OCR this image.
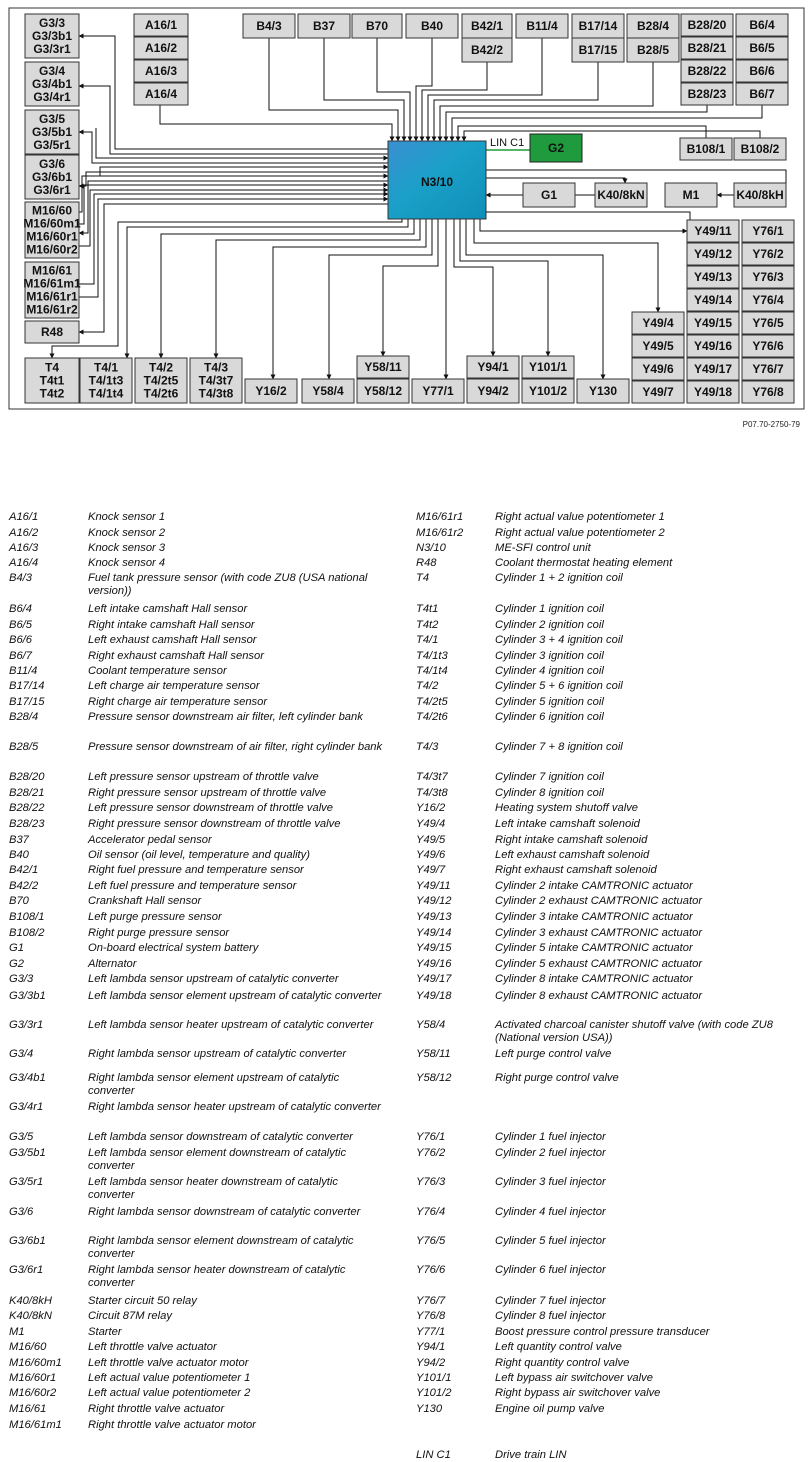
G3/3
G3/3b1
G3/3r1
G3/4
G3/4b1
G3/4r1
G3/5
G3/5b1
G3/5r1
G3/6
G3/6b1
G3/6r1
M16/60
M16/60m1
M16/60r1
M16/60r2
M16/61
M16/61m1
M16/61r1
M16/61r2
R48
A16/1
A16/2
A16/3
A16/4
B4/3	B37	B70	B40 B42/1
B42/2
B11/4 B17/14
B17/15
B28/4
B28/5
B28/20
B28/21
B28/22
B28/23
B6/4
B6/5
B6/6
B6/7
B108/1 B108/2
G2
G1	K40/8kN	M1	K40/8kH
Y49/11
Y49/12
Y49/13
Y49/14
Y49/15
Y49/16
Y49/17
Y49/18
Y76/1
Y76/2
Y76/3
Y76/4
Y76/5
Y76/6
Y76/7
Y76/8
Y49/4
Y49/5
Y49/6
Y49/7
T4
T4t1
T4t2
T4/1
T4/1t3
T4/1t4
T4/2
T4/2t5
T4/2t6
T4/3
T4/3t7
T4/3t8 Y16/2 Y58/4
Y58/11
Y58/12 Y77/1
Y94/1
Y94/2
Y101/1
Y101/2 Y130
N3/10
LIN C1
P07.70-2750-79
A16/1	Knock sensor 1
A16/2	Knock sensor 2
A16/3	Knock sensor 3
A16/4	Knock sensor 4
B4/3	Fuel tank pressure sensor (with code ZU8 (USA national version))
B6/4	Left intake camshaft Hall sensor
B6/5	Right intake camshaft Hall sensor
B6/6	Left exhaust camshaft Hall sensor
B6/7	Right exhaust camshaft Hall sensor
B11/4	Coolant temperature sensor
B17/14	Left charge air temperature sensor
B17/15	Right charge air temperature sensor
B28/4	Pressure sensor downstream air filter, left cylinder bank
B28/5	Pressure sensor downstream of air filter, right cylinder bank
B28/20	Left pressure sensor upstream of throttle valve
B28/21	Right pressure sensor upstream of throttle valve
B28/22	Left pressure sensor downstream of throttle valve
B28/23	Right pressure sensor downstream of throttle valve
B37	Accelerator pedal sensor
B40	Oil sensor (oil level, temperature and quality)
B42/1	Right fuel pressure and temperature sensor
B42/2	Left fuel pressure and temperature sensor
B70	Crankshaft Hall sensor
B108/1	Left purge pressure sensor
B108/2	Right purge pressure sensor
G1	On-board electrical system battery
G2	Alternator
G3/3	Left lambda sensor upstream of catalytic converter
G3/3b1	Left lambda sensor element upstream of catalytic converter
G3/3r1	Left lambda sensor heater upstream of catalytic converter
G3/4	Right lambda sensor upstream of catalytic converter
G3/4b1	Right lambda sensor element upstream of catalytic converter
G3/4r1	Right lambda sensor heater upstream of catalytic converter
G3/5	Left lambda sensor downstream of catalytic converter
G3/5b1	Left lambda sensor element downstream of catalytic converter
G3/5r1	Left lambda sensor heater downstream of catalytic converter
G3/6	Right lambda sensor downstream of catalytic converter
G3/6b1	Right lambda sensor element downstream of catalytic converter
G3/6r1	Right lambda sensor heater downstream of catalytic converter
K40/8kH	Starter circuit 50 relay
K40/8kN	Circuit 87M relay
M1	Starter
M16/60	Left throttle valve actuator
M16/60m1	Left throttle valve actuator motor
M16/60r1	Left actual value potentiometer 1
M16/60r2	Left actual value potentiometer 2
M16/61	Right throttle valve actuator
M16/61m1	Right throttle valve actuator motor
M16/61r1	Right actual value potentiometer 1
M16/61r2	Right actual value potentiometer 2
N3/10	ME-SFI control unit
R48	Coolant thermostat heating element
T4	Cylinder 1 + 2 ignition coil
T4t1	Cylinder 1 ignition coil
T4t2	Cylinder 2 ignition coil
T4/1	Cylinder 3 + 4 ignition coil
T4/1t3	Cylinder 3 ignition coil
T4/1t4	Cylinder 4 ignition coil
T4/2	Cylinder 5 + 6 ignition coil
T4/2t5	Cylinder 5 ignition coil
T4/2t6	Cylinder 6 ignition coil
T4/3	Cylinder 7 + 8 ignition coil
T4/3t7	Cylinder 7 ignition coil
T4/3t8	Cylinder 8 ignition coil
Y16/2	Heating system shutoff valve
Y49/4	Left intake camshaft solenoid
Y49/5	Right intake camshaft solenoid
Y49/6	Left exhaust camshaft solenoid
Y49/7	Right exhaust camshaft solenoid
Y49/11	Cylinder 2 intake CAMTRONIC actuator
Y49/12	Cylinder 2 exhaust CAMTRONIC actuator
Y49/13	Cylinder 3 intake CAMTRONIC actuator
Y49/14	Cylinder 3 exhaust CAMTRONIC actuator
Y49/15	Cylinder 5 intake CAMTRONIC actuator
Y49/16	Cylinder 5 exhaust CAMTRONIC actuator
Y49/17	Cylinder 8 intake CAMTRONIC actuator
Y49/18	Cylinder 8 exhaust CAMTRONIC actuator
Y58/4	Activated charcoal canister shutoff valve (with code ZU8 (National version USA))
Y58/11	Left purge control valve
Y58/12	Right purge control valve
Y76/1	Cylinder 1 fuel injector
Y76/2	Cylinder 2 fuel injector
Y76/3	Cylinder 3 fuel injector
Y76/4	Cylinder 4 fuel injector
Y76/5	Cylinder 5 fuel injector
Y76/6	Cylinder 6 fuel injector
Y76/7	Cylinder 7 fuel injector
Y76/8	Cylinder 8 fuel injector
Y77/1	Boost pressure control pressure transducer
Y94/1	Left quantity control valve
Y94/2	Right quantity control valve
Y101/1	Left bypass air switchover valve
Y101/2	Right bypass air switchover valve
Y130	Engine oil pump valve
LIN C1	Drive train LIN
